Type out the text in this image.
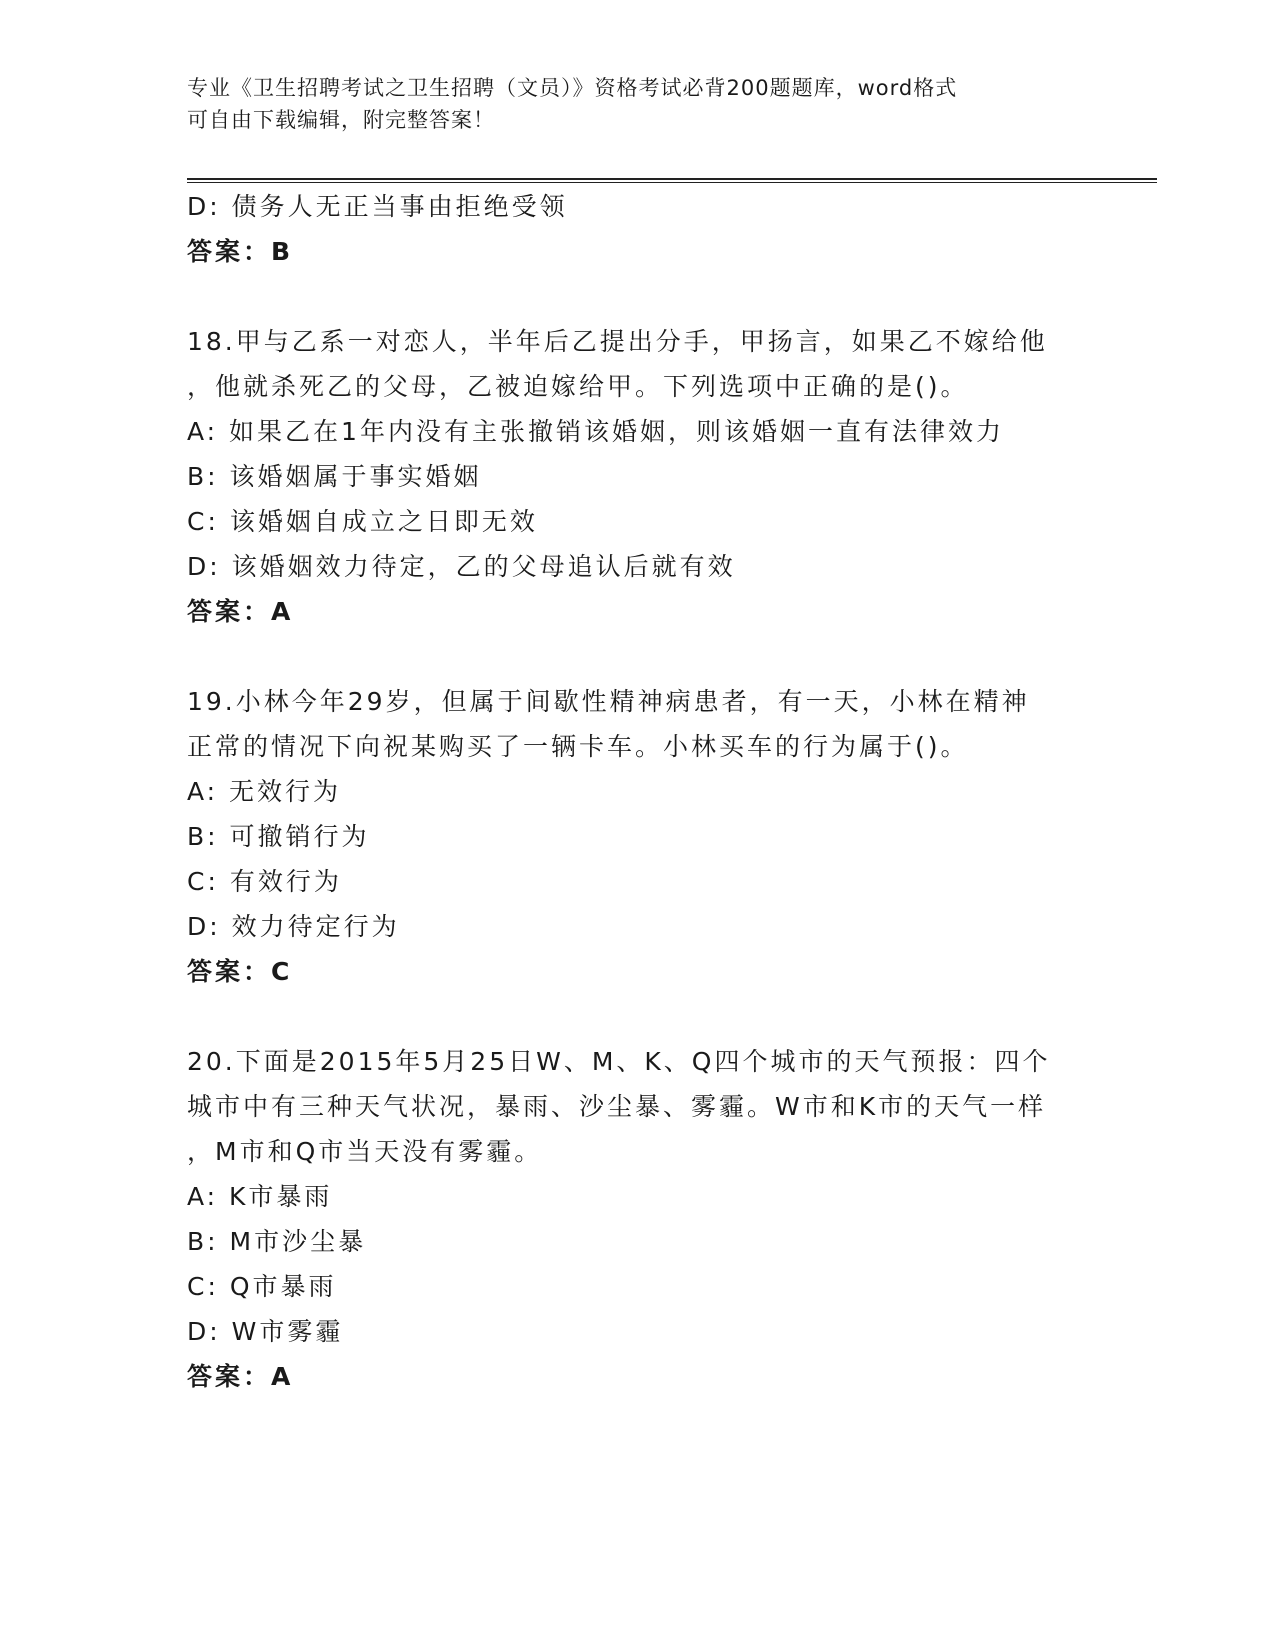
专业《卫生招聘考试之卫生招聘（文员）》资格考试必背200题题库，word格式
可自由下载编辑，附完整答案！
D: 债务人无正当事由拒绝受领
答案：B
18.甲与乙系一对恋人，半年后乙提出分手，甲扬言，如果乙不嫁给他
，他就杀死乙的父母，乙被迫嫁给甲。下列选项中正确的是()。
A: 如果乙在1年内没有主张撤销该婚姻，则该婚姻一直有法律效力
B: 该婚姻属于事实婚姻
C: 该婚姻自成立之日即无效
D: 该婚姻效力待定，乙的父母追认后就有效
答案：A
19.小林今年29岁，但属于间歇性精神病患者，有一天，小林在精神
正常的情况下向祝某购买了一辆卡车。小林买车的行为属于()。
A: 无效行为
B: 可撤销行为
C: 有效行为
D: 效力待定行为
答案：C
20.下面是2015年5月25日W、M、K、Q四个城市的天气预报：四个
城市中有三种天气状况，暴雨、沙尘暴、雾霾。W市和K市的天气一样
，M市和Q市当天没有雾霾。
A: K市暴雨
B: M市沙尘暴
C: Q市暴雨
D: W市雾霾
答案：A
